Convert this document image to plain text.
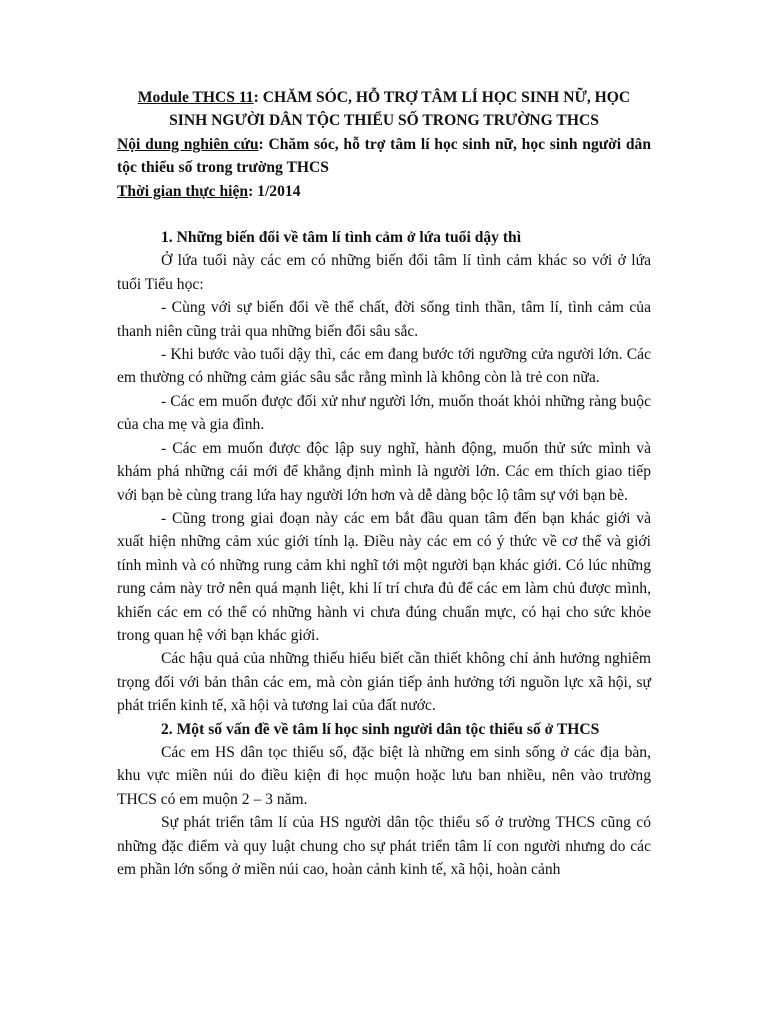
Module THCS 11: CHĂM SÓC, HỖ TRỢ TÂM LÍ HỌC SINH NỮ, HỌC SINH NGƯỜI DÂN TỘC THIỂU SỐ TRONG TRƯỜNG THCS

Nội dung nghiên cứu: Chăm sóc, hỗ trợ tâm lí học sinh nữ, học sinh người dân tộc thiểu số trong trường THCS

Thời gian thực hiện: 1/2014

1. Những biến đổi về tâm lí tình cảm ở lứa tuổi dậy thì

Ở lứa tuổi này các em có những biến đổi tâm lí tình cảm khác so với ở lứa tuổi Tiểu học:

- Cùng với sự biến đổi về thể chất, đời sống tinh thần, tâm lí, tình cảm của thanh niên cũng trải qua những biến đổi sâu sắc.

- Khi bước vào tuổi dậy thì, các em đang bước tới ngưỡng cửa người lớn. Các em thường có những cảm giác sâu sắc rằng mình là không còn là trẻ con nữa.

- Các em muốn được đối xử như người lớn, muốn thoát khỏi những ràng buộc của cha mẹ và gia đình.

- Các em muốn được độc lập suy nghĩ, hành động, muốn thử sức mình và khám phá những cái mới để khẳng định mình là người lớn. Các em thích giao tiếp với bạn bè cùng trang lứa hay người lớn hơn và dễ dàng bộc lộ tâm sự với bạn bè.

- Cũng trong giai đoạn này các em bắt đầu quan tâm đến bạn khác giới và xuất hiện những cảm xúc giới tính lạ. Điều này các em có ý thức về cơ thể và giới tính mình và có những rung cảm khi nghĩ tới một người bạn khác giới. Có lúc những rung cảm này trở nên quá mạnh liệt, khi lí trí chưa đủ để các em làm chủ được mình, khiến các em có thể có những hành vi chưa đúng chuẩn mực, có hại cho sức khỏe trong quan hệ với bạn khác giới.

Các hậu quả của những thiếu hiểu biết cần thiết không chỉ ảnh hưởng nghiêm trọng đối với bản thân các em, mà còn gián tiếp ảnh hưởng tới nguồn lực xã hội, sự phát triển kinh tế, xã hội và tương lai của đất nước.

2. Một số vấn đề về tâm lí học sinh người dân tộc thiểu số ở THCS

Các em HS dân tọc thiểu số, đặc biệt là những em sinh sống ở các địa bàn, khu vực miền núi do điều kiện đi học muộn hoặc lưu ban nhiều, nên vào trường THCS có em muộn 2 – 3 năm.

Sự phát triển tâm lí của HS người dân tộc thiểu số ở trường THCS cũng có những đặc điểm và quy luật chung cho sự phát triển tâm lí con người nhưng do các em phần lớn sống ở miền núi cao, hoàn cảnh kinh tế, xã hội, hoàn cảnh
